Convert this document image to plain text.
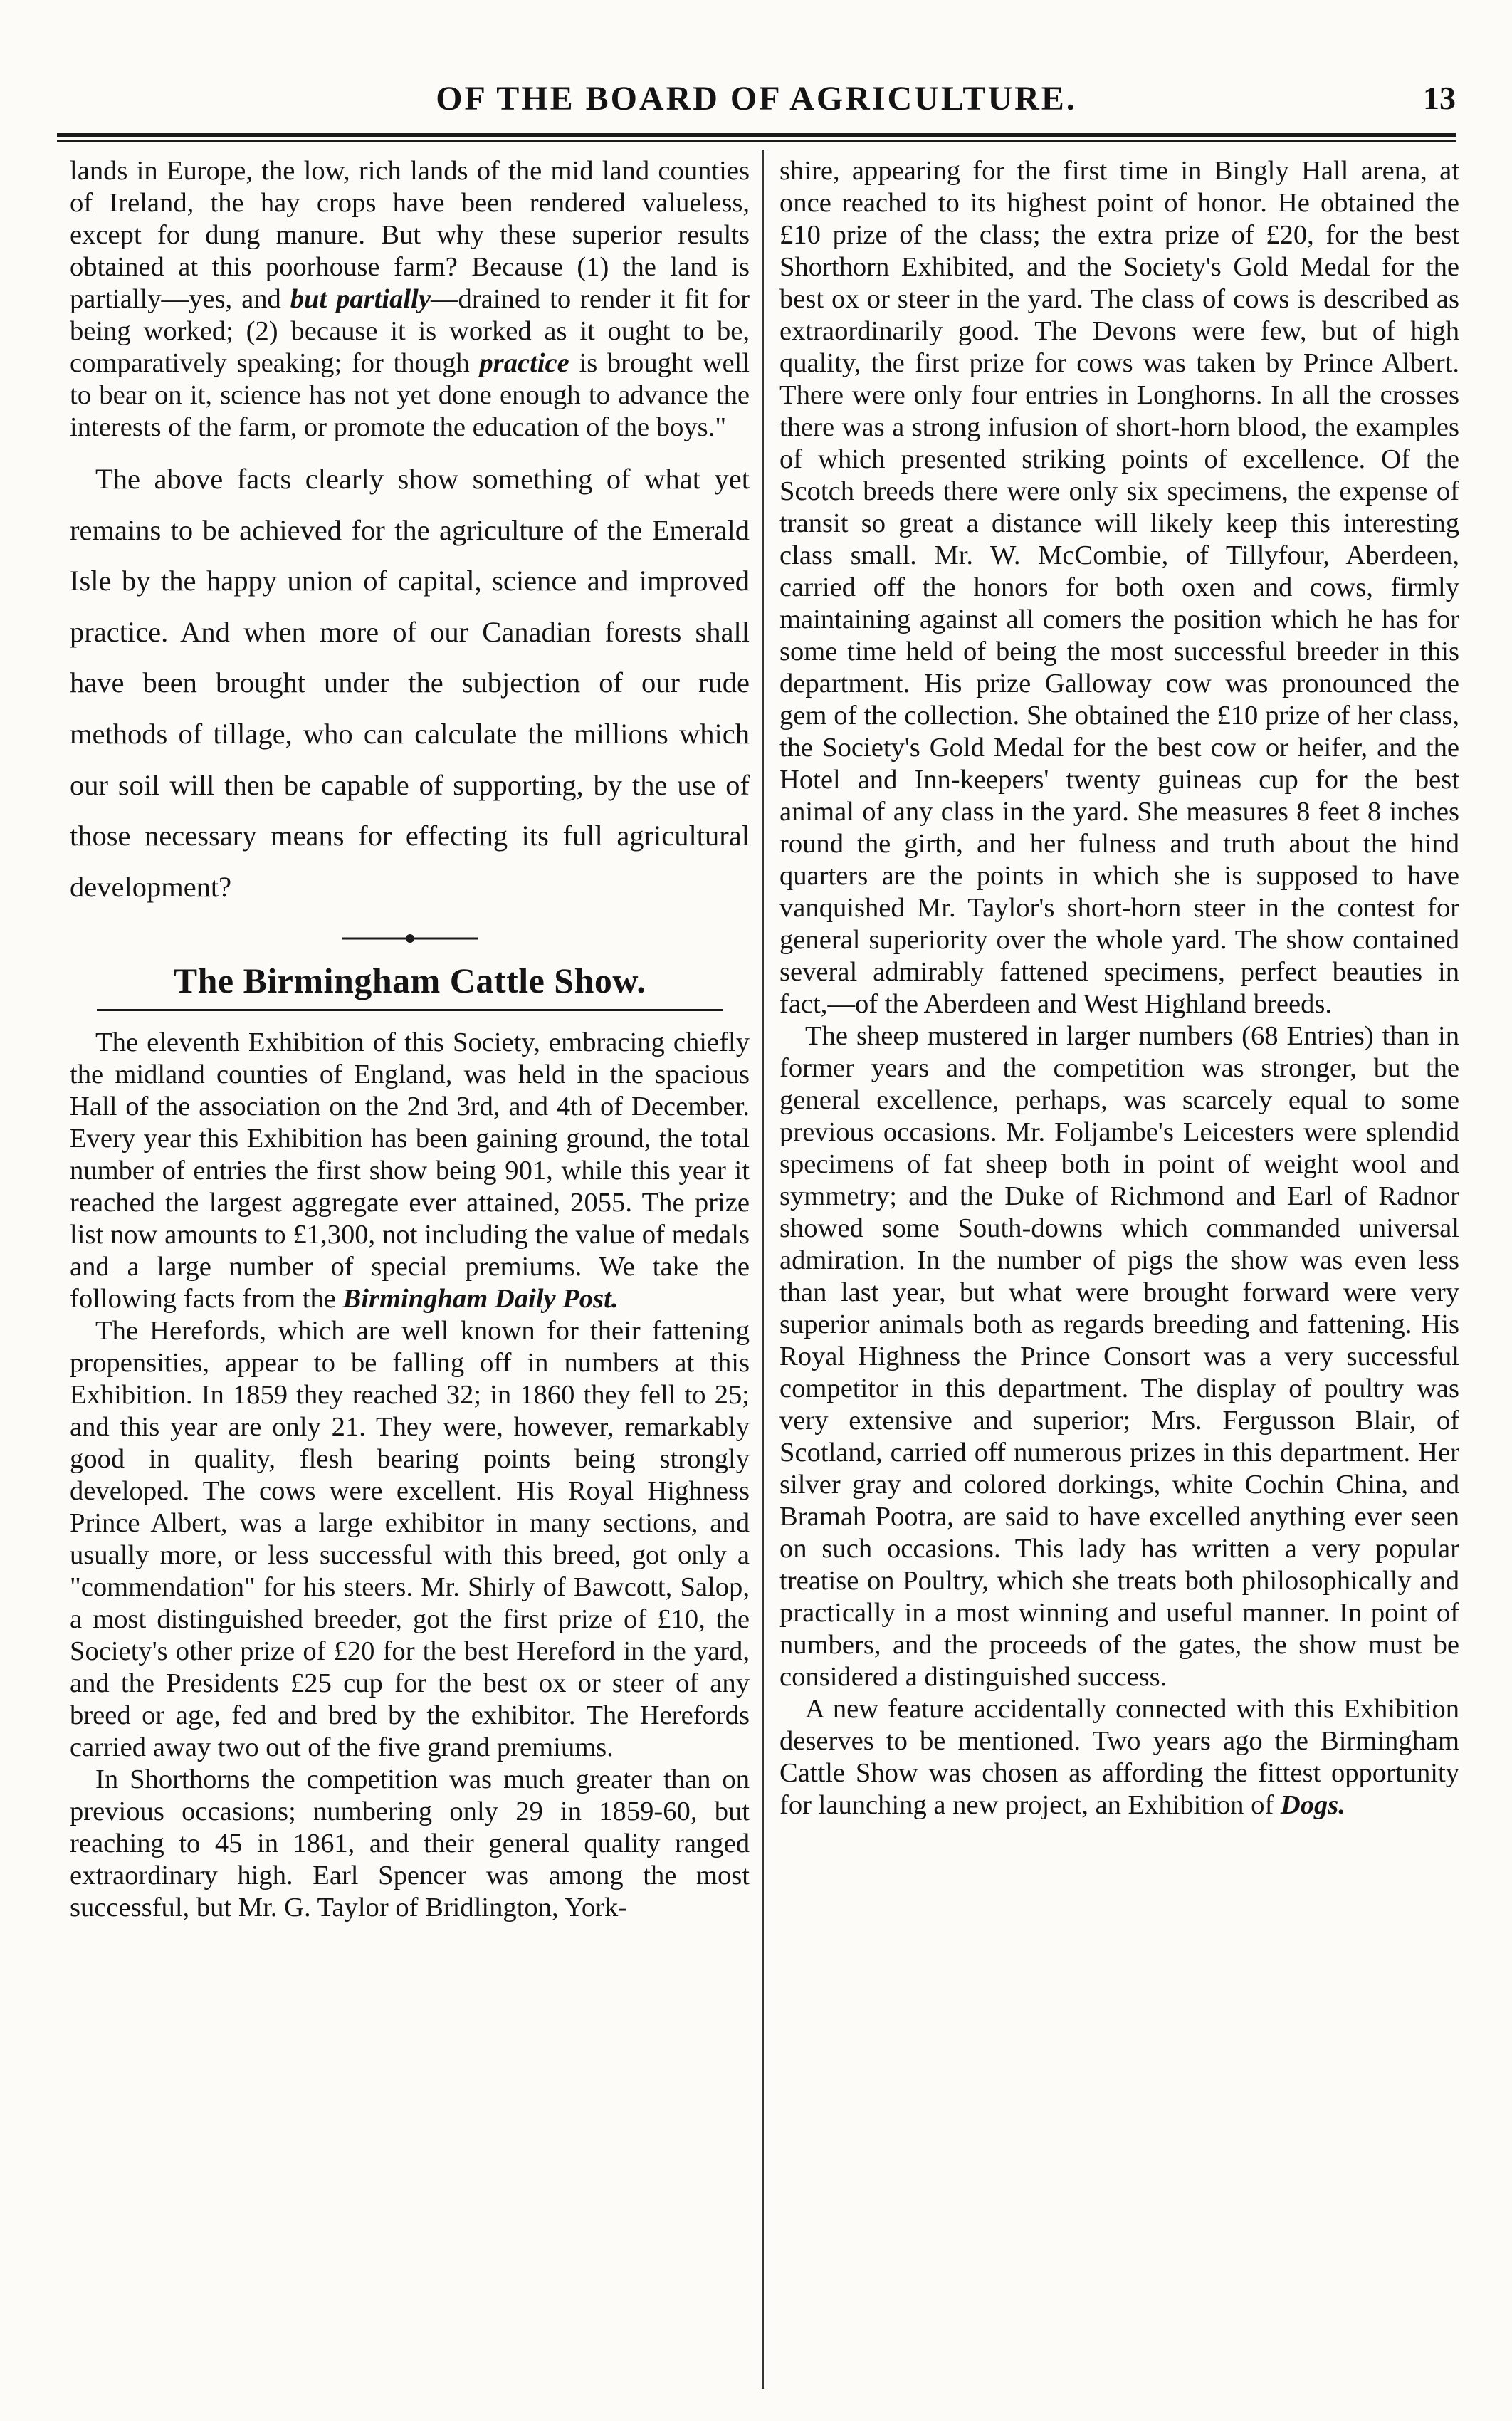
OF THE BOARD OF AGRICULTURE.	13

lands in Europe, the low, rich lands of the mid land counties of Ireland, the hay crops have been rendered valueless, except for dung manure. But why these superior results obtained at this poorhouse farm? Because (1) the land is partially—yes, and but partially—drained to render it fit for being worked; (2) because it is worked as it ought to be, comparatively speaking; for though practice is brought well to bear on it, science has not yet done enough to advance the interests of the farm, or promote the education of the boys."

The above facts clearly show something of what yet remains to be achieved for the agriculture of the Emerald Isle by the happy union of capital, science and improved practice. And when more of our Canadian forests shall have been brought under the subjection of our rude methods of tillage, who can calculate the millions which our soil will then be capable of supporting, by the use of those necessary means for effecting its full agricultural development?

The Birmingham Cattle Show.

The eleventh Exhibition of this Society, embracing chiefly the midland counties of England, was held in the spacious Hall of the association on the 2nd 3rd, and 4th of December. Every year this Exhibition has been gaining ground, the total number of entries the first show being 901, while this year it reached the largest aggregate ever attained, 2055. The prize list now amounts to £1,300, not including the value of medals and a large number of special premiums. We take the following facts from the Birmingham Daily Post.

The Herefords, which are well known for their fattening propensities, appear to be falling off in numbers at this Exhibition. In 1859 they reached 32; in 1860 they fell to 25; and this year are only 21. They were, however, remarkably good in quality, flesh bearing points being strongly developed. The cows were excellent. His Royal Highness Prince Albert, was a large exhibitor in many sections, and usually more, or less successful with this breed, got only a "commendation" for his steers. Mr. Shirly of Bawcott, Salop, a most distinguished breeder, got the first prize of £10, the Society's other prize of £20 for the best Hereford in the yard, and the Presidents £25 cup for the best ox or steer of any breed or age, fed and bred by the exhibitor. The Herefords carried away two out of the five grand premiums.

In Shorthorns the competition was much greater than on previous occasions; numbering only 29 in 1859-60, but reaching to 45 in 1861, and their general quality ranged extraordinary high. Earl Spencer was among the most successful, but Mr. G. Taylor of Bridlington, York-

shire, appearing for the first time in Bingly Hall arena, at once reached to its highest point of honor. He obtained the £10 prize of the class; the extra prize of £20, for the best Shorthorn Exhibited, and the Society's Gold Medal for the best ox or steer in the yard. The class of cows is described as extraordinarily good. The Devons were few, but of high quality, the first prize for cows was taken by Prince Albert. There were only four entries in Longhorns. In all the crosses there was a strong infusion of short-horn blood, the examples of which presented striking points of excellence. Of the Scotch breeds there were only six specimens, the expense of transit so great a distance will likely keep this interesting class small. Mr. W. McCombie, of Tillyfour, Aberdeen, carried off the honors for both oxen and cows, firmly maintaining against all comers the position which he has for some time held of being the most successful breeder in this department. His prize Galloway cow was pronounced the gem of the collection. She obtained the £10 prize of her class, the Society's Gold Medal for the best cow or heifer, and the Hotel and Inn-keepers' twenty guineas cup for the best animal of any class in the yard. She measures 8 feet 8 inches round the girth, and her fulness and truth about the hind quarters are the points in which she is supposed to have vanquished Mr. Taylor's short-horn steer in the contest for general superiority over the whole yard. The show contained several admirably fattened specimens, perfect beauties in fact,—of the Aberdeen and West Highland breeds.

The sheep mustered in larger numbers (68 Entries) than in former years and the competition was stronger, but the general excellence, perhaps, was scarcely equal to some previous occasions. Mr. Foljambe's Leicesters were splendid specimens of fat sheep both in point of weight wool and symmetry; and the Duke of Richmond and Earl of Radnor showed some South-downs which commanded universal admiration. In the number of pigs the show was even less than last year, but what were brought forward were very superior animals both as regards breeding and fattening. His Royal Highness the Prince Consort was a very successful competitor in this department. The display of poultry was very extensive and superior; Mrs. Fergusson Blair, of Scotland, carried off numerous prizes in this department. Her silver gray and colored dorkings, white Cochin China, and Bramah Pootra, are said to have excelled anything ever seen on such occasions. This lady has written a very popular treatise on Poultry, which she treats both philosophically and practically in a most winning and useful manner. In point of numbers, and the proceeds of the gates, the show must be considered a distinguished success.

A new feature accidentally connected with this Exhibition deserves to be mentioned. Two years ago the Birmingham Cattle Show was chosen as affording the fittest opportunity for launching a new project, an Exhibition of Dogs.
